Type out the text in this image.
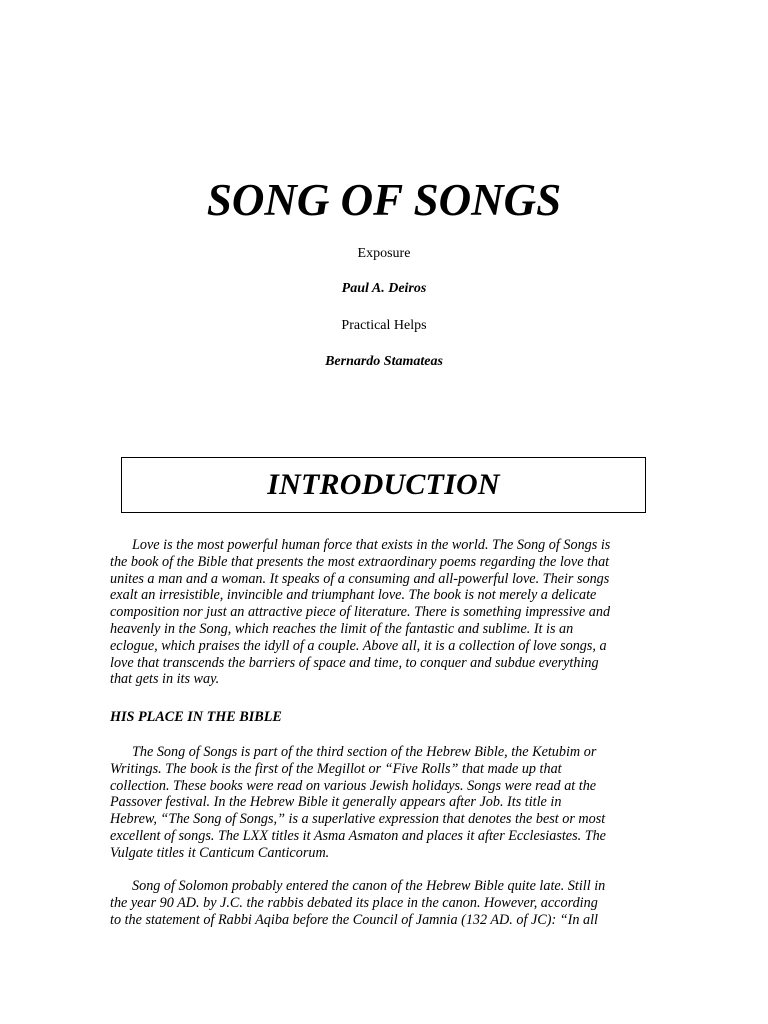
SONG OF SONGS

Exposure

Paul A. Deiros

Practical Helps

Bernardo Stamateas

INTRODUCTION
Love is the most powerful human force that exists in the world. The Song of Songs is
the book of the Bible that presents the most extraordinary poems regarding the love that
unites a man and a woman. It speaks of a consuming and all-powerful love. Their songs
exalt an irresistible, invincible and triumphant love. The book is not merely a delicate
composition nor just an attractive piece of literature. There is something impressive and
heavenly in the Song, which reaches the limit of the fantastic and sublime. It is an
eclogue, which praises the idyll of a couple. Above all, it is a collection of love songs, a
love that transcends the barriers of space and time, to conquer and subdue everything
that gets in its way.
HIS PLACE IN THE BIBLE
The Song of Songs is part of the third section of the Hebrew Bible, the Ketubim or
Writings. The book is the first of the Megillot or “Five Rolls” that made up that
collection. These books were read on various Jewish holidays. Songs were read at the
Passover festival. In the Hebrew Bible it generally appears after Job. Its title in
Hebrew, “The Song of Songs,” is a superlative expression that denotes the best or most
excellent of songs. The LXX titles it Asma Asmaton and places it after Ecclesiastes. The
Vulgate titles it Canticum Canticorum.
Song of Solomon probably entered the canon of the Hebrew Bible quite late. Still in
the year 90 AD. by J.C. the rabbis debated its place in the canon. However, according
to the statement of Rabbi Aqiba before the Council of Jamnia (132 AD. of JC): “In all
